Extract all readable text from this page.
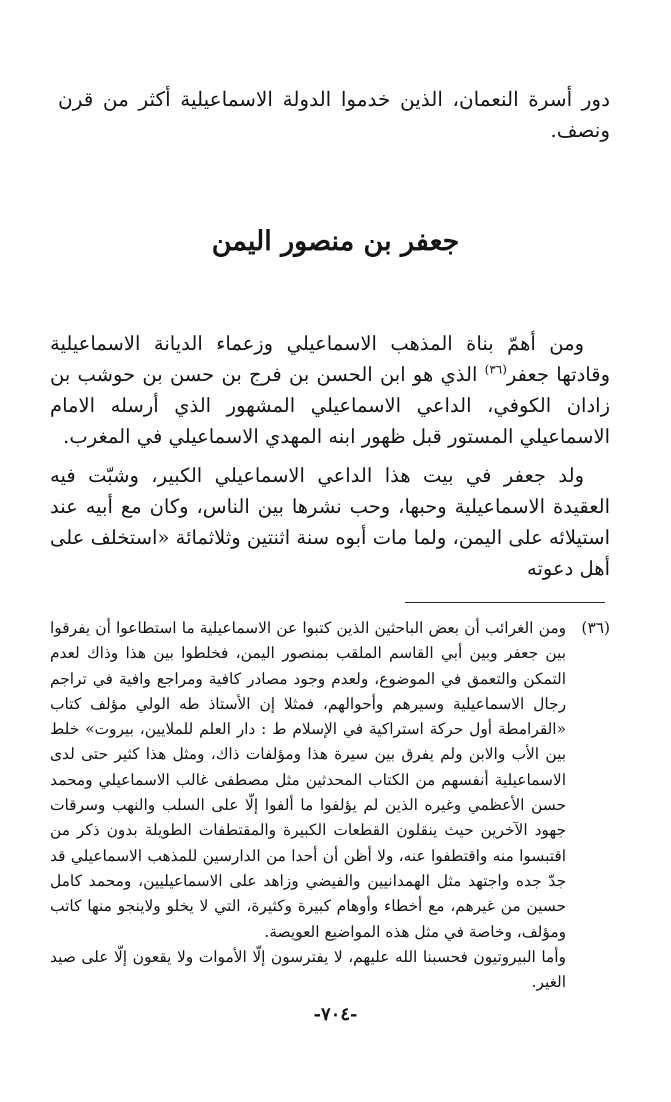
دور أسرة النعمان، الذين خدموا الدولة الاسماعيلية أكثر من قرن ونصف.
جعفر بن منصور اليمن

ومن أهمّ بناة المذهب الاسماعيلي وزعماء الديانة الاسماعيلية وقادتها جعفر$^{(٣٦)}$ الذي هو ابن الحسن بن فرج بن حسن بن حوشب بن زادان الكوفي، الداعي الاسماعيلي المشهور الذي أرسله الامام الاسماعيلي المستور قبل ظهور ابنه المهدي الاسماعيلي في المغرب.

ولد جعفر في بيت هذا الداعي الاسماعيلي الكبير، وشبّت فيه العقيدة الاسماعيلية وحبها، وحب نشرها بين الناس، وكان مع أبيه عند استيلائه على اليمن، ولما مات أبوه سنة اثنتين وثلاثمائة «استخلف على أهل دعوته

(٣٦)

ومن الغرائب أن بعض الباحثين الذين كتبوا عن الاسماعيلية ما استطاعوا أن يفرقوا بين جعفر وبين أبي القاسم الملقب بمنصور اليمن، فخلطوا بين هذا وذاك لعدم التمكن والتعمق في الموضوع، ولعدم وجود مصادر كافية ومراجع وافية في تراجم رجال الاسماعيلية وسيرهم وأحوالهم، فمثلا إن الأستاذ طه الولي مؤلف كتاب «القرامطة أول حركة استراكية في الإسلام ط : دار العلم للملايين، بيروت» خلط بين الأب والابن ولم يفرق بين سيرة هذا ومؤلفات ذاك، ومثل هذا كثير حتى لدى الاسماعيلية أنفسهم من الكتاب المحدثين مثل مصطفى غالب الاسماعيلي ومحمد حسن الأعظمي وغيره الذين لم يؤلفوا ما ألفوا إلّا على السلب والنهب وسرقات جهود الآخرين حيث ينقلون القطعات الكبيرة والمقتطفات الطويلة بدون ذكر من اقتبسوا منه واقتطفوا عنه، ولا أظن أن أحدا من الدارسين للمذهب الاسماعيلي قد جدّ جده واجتهد مثل الهمدانيين والفيضي وزاهد على الاسماعيليين، ومحمد كامل حسين من غيرهم، مع أخطاء وأوهام كبيرة وكثيرة، التي لا يخلو ولاينجو منها كاتب ومؤلف، وخاصة في مثل هذه المواضيع العويصة.

وأما البيروتيون فحسبنا الله عليهم، لا يفترسون إلّا الأموات ولا يقعون إلّا على صيد الغير.

-٧٠٤-
